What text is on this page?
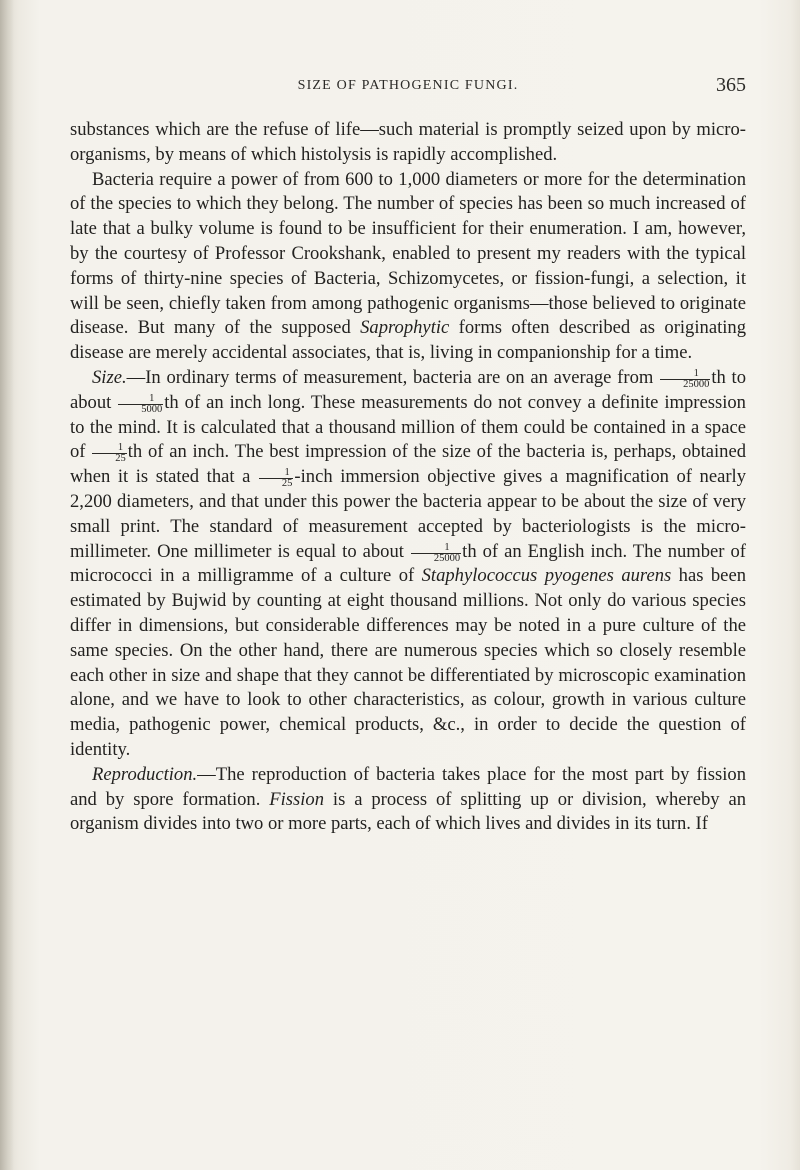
SIZE OF PATHOGENIC FUNGI.	365

substances which are the refuse of life—such material is promptly seized upon by micro-organisms, by means of which histolysis is rapidly accomplished.

Bacteria require a power of from 600 to 1,000 diameters or more for the determination of the species to which they belong. The number of species has been so much increased of late that a bulky volume is found to be insufficient for their enumeration. I am, however, by the courtesy of Professor Crookshank, enabled to present my readers with the typical forms of thirty-nine species of Bacteria, Schizomycetes, or fission-fungi, a selection, it will be seen, chiefly taken from among pathogenic organisms—those believed to originate disease. But many of the supposed Saprophytic forms often described as originating disease are merely accidental associates, that is, living in companionship for a time.

Size.—In ordinary terms of measurement, bacteria are on an average from $\frac{1}{25000}$ th to about $\frac{1}{5000}$ th of an inch long. These measurements do not convey a definite impression to the mind. It is calculated that a thousand million of them could be contained in a space of $\frac{1}{25}$ th of an inch. The best impression of the size of the bacteria is, perhaps, obtained when it is stated that a $\frac{1}{25}$ -inch immersion objective gives a magnification of nearly 2,200 diameters, and that under this power the bacteria appear to be about the size of very small print. The standard of measurement accepted by bacteriologists is the micro-millimeter. One millimeter is equal to about $\frac{1}{25000}$ th of an English inch. The number of micrococci in a milligramme of a culture of Staphylococcus pyogenes aurens has been estimated by Bujwid by counting at eight thousand millions. Not only do various species differ in dimensions, but considerable differences may be noted in a pure culture of the same species. On the other hand, there are numerous species which so closely resemble each other in size and shape that they cannot be differentiated by microscopic examination alone, and we have to look to other characteristics, as colour, growth in various culture media, pathogenic power, chemical products, &c., in order to decide the question of identity.

Reproduction.—The reproduction of bacteria takes place for the most part by fission and by spore formation. Fission is a process of splitting up or division, whereby an organism divides into two or more parts, each of which lives and divides in its turn. If
